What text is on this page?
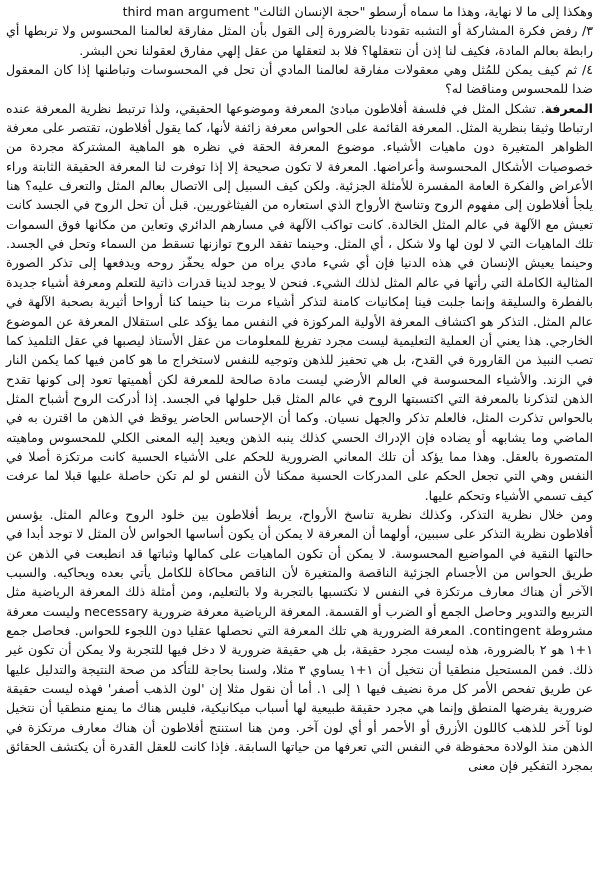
وهكذا إلى ما لا نهاية، وهذا ما سماه أرسطو "حجة الإنسان الثالث" third man argument

٣/ رفض فكرة المشاركة أو التشبه تقودنا بالضرورة إلى القول بأن المثل مفارقة لعالمنا المحسوس ولا تربطها أي رابطة بعالم المادة، فكيف لنا إذن أن نتعقلها؟ فلا بد لتعقلها من عقل إلهي مفارق لعقولنا نحن البشر.

٤/ ثم كيف يمكن للمُثل وهي معقولات مفارقة لعالمنا المادي أن تحل في المحسوسات وتباطنها إذا كان المعقول ضدا للمحسوس ومناقضا له؟

المعرفة. تشكل المثل في فلسفة أفلاطون مبادئ المعرفة وموضوعها الحقيقي، ولذا ترتبط نظرية المعرفة عنده ارتباطا وثيقا بنظرية المثل. المعرفة القائمة على الحواس معرفة زائفة لأنها، كما يقول أفلاطون، تقتصر على معرفة الظواهر المتغيرة دون ماهيات الأشياء. موضوع المعرفة الحقة في نظره هو الماهية المشتركة مجردة من خصوصيات الأشكال المحسوسة وأعراضها. المعرفة لا تكون صحيحة إلا إذا توفرت لنا المعرفة الحقيقة الثابتة وراء الأعراض والفكرة العامة المفسرة للأمثلة الجزئية. ولكن كيف السبيل إلى الاتصال بعالم المثل والتعرف عليه؟ هنا يلجأ أفلاطون إلى مفهوم الروح وتناسخ الأرواح الذي استعاره من الفيثاغوريين. قبل أن تحل الروح في الجسد كانت تعيش مع الآلهة في عالم المثل الخالدة. كانت تواكب الآلهة في مسارهم الدائري وتعاين من مكانها فوق السموات تلك الماهيات التي لا لون لها ولا شكل ، أي المثل. وحينما تفقد الروح توازنها تسقط من السماء وتحل في الجسد. وحينما يعيش الإنسان في هذه الدنيا فإن أي شيء مادي يراه من حوله يحفّز روحه ويدفعها إلى تذكر الصورة المثالية الكاملة التي رأتها في عالم المثل لذلك الشيء. فنحن لا يوجد لدينا قدرات ذاتية للتعلم ومعرفة أشياء جديدة بالفطرة والسليقة وإنما جلبت فينا إمكانيات كامنة لتذكر أشياء مرت بنا حينما كنا أرواحا أثيرية بصحبة الآلهة في عالم المثل. التذكر هو اكتشاف المعرفة الأولية المركوزة في النفس مما يؤكد على استقلال المعرفة عن الموضوع الخارجي. هذا يعني أن العملية التعليمية ليست مجرد تفريغ للمعلومات من عقل الأستاذ ليصبها في عقل التلميذ كما تصب النبيذ من القارورة في القدح، بل هي تحفيز للذهن وتوجيه للنفس لاستخراج ما هو كامن فيها كما يكمن النار في الزند. والأشياء المحسوسة في العالم الأرضي ليست مادة صالحة للمعرفة لكن أهميتها تعود إلى كونها تقدح الذهن لتذكرنا بالمعرفة التي اكتسبتها الروح في عالم المثل قبل حلولها في الجسد. إذا أدركت الروح أشباح المثل بالحواس تذكرت المثل، فالعلم تذكر والجهل نسيان. وكما أن الإحساس الحاضر يوقظ في الذهن ما اقترن به في الماضي وما يشابهه أو يضاده فإن الإدراك الحسي كذلك ينبه الذهن ويعيد إليه المعنى الكلي للمحسوس وماهيته المتصورة بالعقل. وهذا مما يؤكد أن تلك المعاني الضرورية للحكم على الأشياء الحسية كانت مرتكزة أصلا في النفس وهي التي تجعل الحكم على المدركات الحسية ممكنا لأن النفس لو لم تكن حاصلة عليها قبلا لما عرفت كيف تسمي الأشياء وتحكم عليها.

ومن خلال نظرية التذكر، وكذلك نظرية تناسخ الأرواح، يربط أفلاطون بين خلود الروح وعالم المثل. يؤسس أفلاطون نظرية التذكر على سببين، أولهما أن المعرفة لا يمكن أن يكون أساسها الحواس لأن المثل لا توجد أبدا في حالتها النقية في المواضيع المحسوسة. لا يمكن أن تكون الماهيات على كمالها وثباتها قد انطبعت في الذهن عن طريق الحواس من الأجسام الجزئية الناقصة والمتغيرة لأن الناقص محاكاة للكامل يأتي بعده ويحاكيه. والسبب الآخر أن هناك معارف مرتكزة في النفس لا نكتسبها بالتجربة ولا بالتعليم، ومن أمثلة ذلك المعرفة الرياضية مثل التربيع والتدوير وحاصل الجمع أو الضرب أو القسمة. المعرفة الرياضية معرفة ضرورية necessary وليست معرفة مشروطة contingent. المعرفة الضرورية هي تلك المعرفة التي نحصلها عقليا دون اللجوء للحواس. فحاصل جمع ١+١ هو ٢ بالضرورة، هذه ليست مجرد حقيقة، بل هي حقيقة ضرورية لا دخل فيها للتجربة ولا يمكن أن تكون غير ذلك. فمن المستحيل منطقيا أن نتخيل أن ١+١ يساوي ٣ مثلا، ولسنا بحاجة للتأكد من صحة النتيجة والتدليل عليها عن طريق تفحص الأمر كل مرة نضيف فيها ١ إلى ١. أما أن نقول مثلا إن 'لون الذهب أصفر' فهذه ليست حقيقة ضرورية يفرضها المنطق وإنما هي مجرد حقيقة طبيعية لها أسباب ميكانيكية، فليس هناك ما يمنع منطقيا أن نتخيل لونا آخر للذهب كاللون الأزرق أو الأحمر أو أي لون آخر. ومن هنا استنتج أفلاطون أن هناك معارف مرتكزة في الذهن منذ الولادة محفوظة في النفس التي تعرفها من حياتها السابقة. فإذا كانت للعقل القدرة أن يكتشف الحقائق بمجرد التفكير فإن معنى
